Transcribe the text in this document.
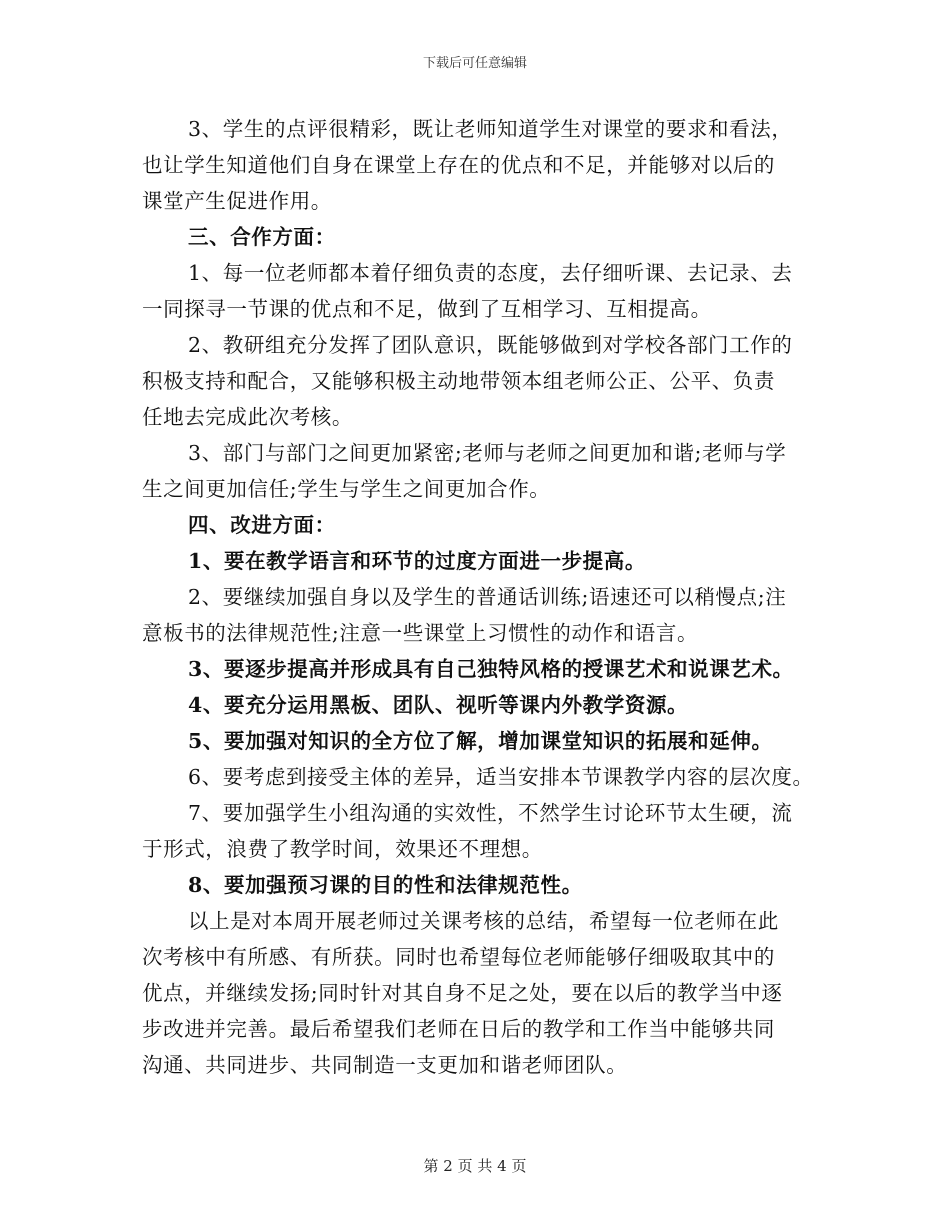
下载后可任意编辑
3、学生的点评很精彩，既让老师知道学生对课堂的要求和看法，
也让学生知道他们自身在课堂上存在的优点和不足，并能够对以后的
课堂产生促进作用。
三、合作方面：
1、每一位老师都本着仔细负责的态度，去仔细听课、去记录、去
一同探寻一节课的优点和不足，做到了互相学习、互相提高。
2、教研组充分发挥了团队意识，既能够做到对学校各部门工作的
积极支持和配合，又能够积极主动地带领本组老师公正、公平、负责
任地去完成此次考核。
3、部门与部门之间更加紧密;老师与老师之间更加和谐;老师与学
生之间更加信任;学生与学生之间更加合作。
四、改进方面：
1、要在教学语言和环节的过度方面进一步提高。
2、要继续加强自身以及学生的普通话训练;语速还可以稍慢点;注
意板书的法律规范性;注意一些课堂上习惯性的动作和语言。
3、要逐步提高并形成具有自己独特风格的授课艺术和说课艺术。
4、要充分运用黑板、团队、视听等课内外教学资源。
5、要加强对知识的全方位了解，增加课堂知识的拓展和延伸。
6、要考虑到接受主体的差异，适当安排本节课教学内容的层次度。
7、要加强学生小组沟通的实效性，不然学生讨论环节太生硬，流
于形式，浪费了教学时间，效果还不理想。
8、要加强预习课的目的性和法律规范性。
以上是对本周开展老师过关课考核的总结，希望每一位老师在此
次考核中有所感、有所获。同时也希望每位老师能够仔细吸取其中的
优点，并继续发扬;同时针对其自身不足之处，要在以后的教学当中逐
步改进并完善。最后希望我们老师在日后的教学和工作当中能够共同
沟通、共同进步、共同制造一支更加和谐老师团队。
第 2 页 共 4 页
